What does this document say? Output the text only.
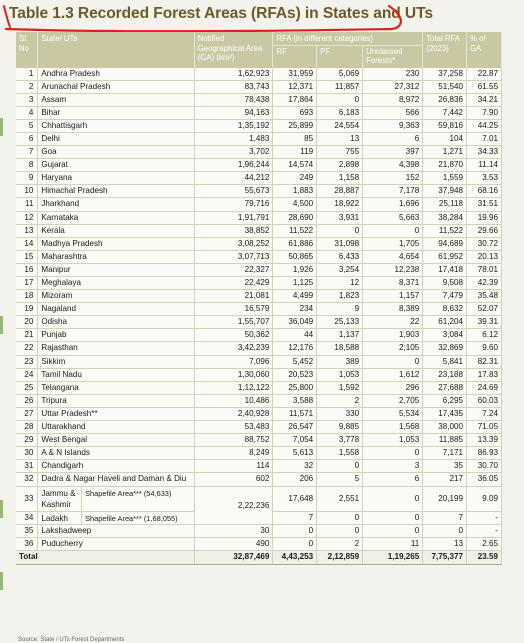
Table 1.3 Recorded Forest Areas (RFAs) in States and UTs
Sl. No	State/ UTs		Notified Geographical Area (GA) (km²)	RFA (in different categories)			Total RFA (2023)	% of GA
				RF	PF	Unclassed Forests*		
1	Andhra Pradesh		1,62,923	31,959	5,069	230	37,258	22.87
2	Arunachal Pradesh		83,743	12,371	11,857	27,312	51,540	61.55
3	Assam		78,438	17,864	0	8,972	26,836	34.21
4	Bihar		94,163	693	6,183	566	7,442	7.90
5	Chhattisgarh		1,35,192	25,899	24,554	9,363	59,816	44.25
6	Delhi		1,483	85	13	6	104	7.01
7	Goa		3,702	119	755	397	1,271	34.33
8	Gujarat		1,96,244	14,574	2,898	4,398	21,870	11.14
9	Haryana		44,212	249	1,158	152	1,559	3.53
10	Himachal Pradesh		55,673	1,883	28,887	7,178	37,948	68.16
11	Jharkhand		79,716	4,500	18,922	1,696	25,118	31.51
12	Karnataka		1,91,791	28,690	3,931	5,663	38,284	19.96
13	Kerala		38,852	11,522	0	0	11,522	29.66
14	Madhya Pradesh		3,08,252	61,886	31,098	1,705	94,689	30.72
15	Maharashtra		3,07,713	50,865	6,433	4,654	61,952	20.13
16	Manipur		22,327	1,926	3,254	12,238	17,418	78.01
17	Meghalaya		22,429	1,125	12	8,371	9,508	42.39
18	Mizoram		21,081	4,499	1,823	1,157	7,479	35.48
19	Nagaland		16,579	234	9	8,389	8,632	52.07
20	Odisha		1,55,707	36,049	25,133	22	61,204	39.31
21	Punjab		50,362	44	1,137	1,903	3,084	6.12
22	Rajasthan		3,42,239	12,176	18,588	2,105	32,869	9.60
23	Sikkim		7,096	5,452	389	0	5,841	82.31
24	Tamil Nadu		1,30,060	20,523	1,053	1,612	23,188	17.83
25	Telangana		1,12,122	25,800	1,592	296	27,688	24.69
26	Tripura		10,486	3,588	2	2,705	6,295	60.03
27	Uttar Pradesh**		2,40,928	11,571	330	5,534	17,435	7.24
28	Uttarakhand		53,483	26,547	9,885	1,568	38,000	71.05
29	West Bengal		88,752	7,054	3,778	1,053	11,885	13.39
30	A & N Islands		8,249	5,613	1,558	0	7,171	86.93
31	Chandigarh		114	32	0	3	35	30.70
32	Dadra & Nagar Haveli and Daman & Diu		602	206	5	6	217	36.05
33	Jammu & Kashmir	Shapefile Area*** (54,633)	2,22,236	17,648	2,551	0	20,199	9.09
34	Ladakh	Shapefile Area*** (1,68,055)		7	0	0	7	-
35	Lakshadweep		30	0	0	0	0	-
36	Puducherry		490	0	2	11	13	2.65
Total			32,87,469	4,43,253	2,12,859	1,19,265	7,75,377	23.59
Source: State / UTs Forest Departments
